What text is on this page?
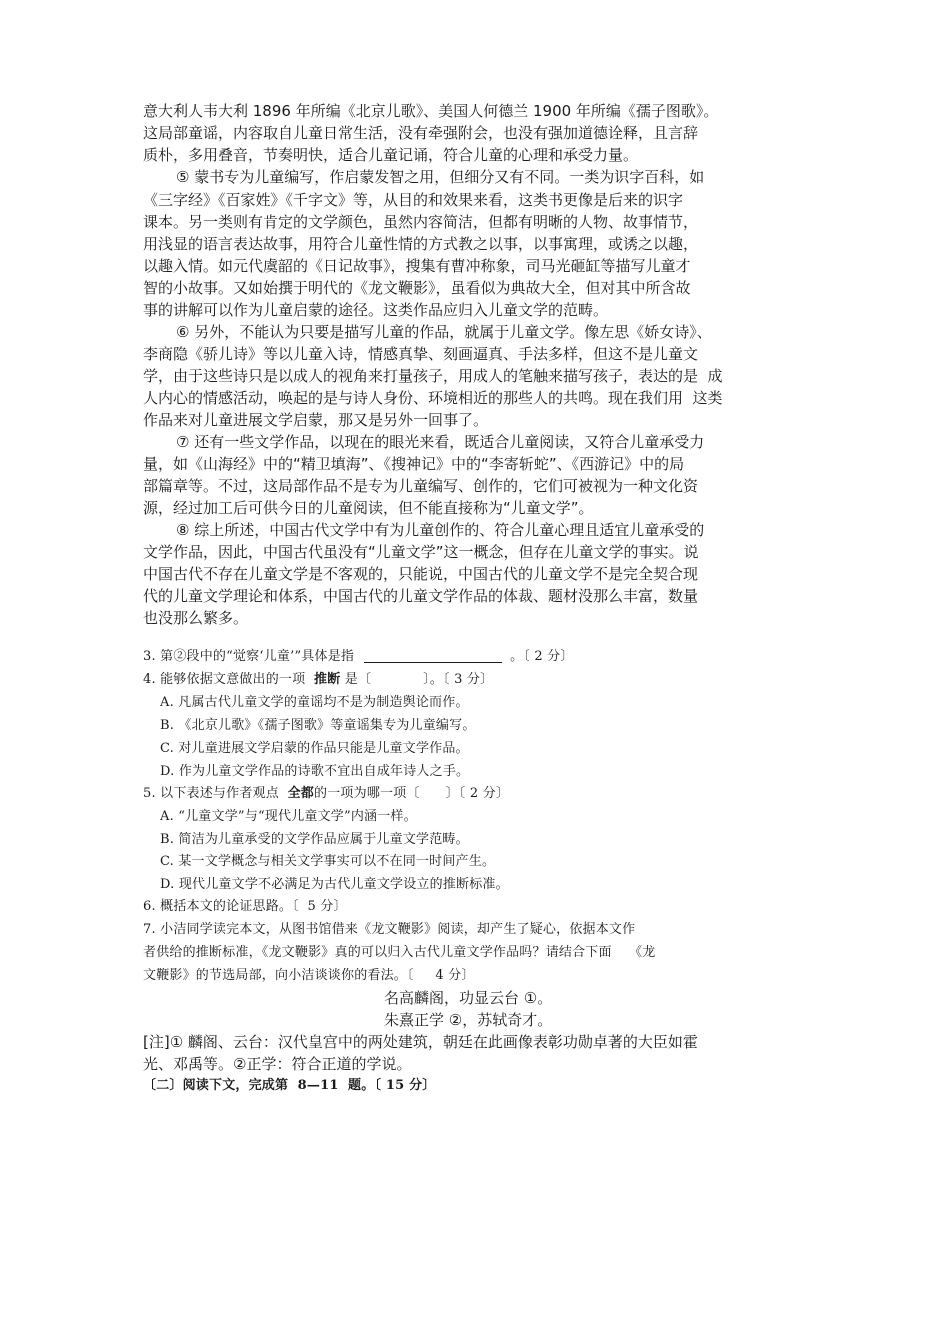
意大利人韦大利 1896 年所编《北京儿歌》、美国人何德兰 1900 年所编《孺子图歌》。
这局部童谣，内容取自儿童日常生活，没有牵强附会，也没有强加道德诠释，且言辞
质朴，多用叠音，节奏明快，适合儿童记诵，符合儿童的心理和承受力量。
⑤ 蒙书专为儿童编写，作启蒙发智之用，但细分又有不同。一类为识字百科，如
《三字经》《百家姓》《千字文》等，从目的和效果来看，这类书更像是后来的识字
课本。另一类则有肯定的文学颜色，虽然内容简洁，但都有明晰的人物、故事情节，
用浅显的语言表达故事，用符合儿童性情的方式教之以事，以事寓理，或诱之以趣，
以趣入情。如元代虞韶的《日记故事》，搜集有曹冲称象，司马光砸缸等描写儿童才
智的小故事。又如始撰于明代的《龙文鞭影》，虽看似为典故大全，但对其中所含故
事的讲解可以作为儿童启蒙的途径。这类作品应归入儿童文学的范畴。
⑥ 另外，不能认为只要是描写儿童的作品，就属于儿童文学。像左思《娇女诗》、
李商隐《骄儿诗》等以儿童入诗，情感真挚、刻画逼真、手法多样，但这不是儿童文
学，由于这些诗只是以成人的视角来打量孩子，用成人的笔触来描写孩子，表达的是  成
人内心的情感活动，唤起的是与诗人身份、环境相近的那些人的共鸣。现在我们用  这类
作品来对儿童进展文学启蒙，那又是另外一回事了。
⑦ 还有一些文学作品，以现在的眼光来看，既适合儿童阅读，又符合儿童承受力
量，如《山海经》中的“精卫填海”、《搜神记》中的“李寄斩蛇”、《西游记》中的局
部篇章等。不过，这局部作品不是专为儿童编写、创作的，它们可被视为一种文化资
源，经过加工后可供今日的儿童阅读，但不能直接称为“儿童文学”。
⑧ 综上所述，中国古代文学中有为儿童创作的、符合儿童心理且适宜儿童承受的
文学作品，因此，中国古代虽没有“儿童文学”这一概念，但存在儿童文学的事实。说
中国古代不存在儿童文学是不客观的，只能说，中国古代的儿童文学不是完全契合现
代的儿童文学理论和体系，中国古代的儿童文学作品的体裁、题材没那么丰富，数量
也没那么繁多。
3. 第②段中的“觉察‘儿童’”具体是指	。〔 2 分〕
4. 能够依据文意做出的一项  推断 是〔            〕。〔 3 分〕
A. 凡属古代儿童文学的童谣均不是为制造舆论而作。
B. 《北京儿歌》《孺子图歌》等童谣集专为儿童编写。
C. 对儿童进展文学启蒙的作品只能是儿童文学作品。
D. 作为儿童文学作品的诗歌不宜出自成年诗人之手。
5. 以下表述与作者观点  全都的一项为哪一项〔      〕〔 2 分〕
A. “儿童文学”与“现代儿童文学”内涵一样。
B. 简洁为儿童承受的文学作品应属于儿童文学范畴。
C. 某一文学概念与相关文学事实可以不在同一时间产生。
D. 现代儿童文学不必满足为古代儿童文学设立的推断标准。
6. 概括本文的论证思路。〔  5 分〕
7. 小洁同学读完本文，从图书馆借来《龙文鞭影》阅读，却产生了疑心，依据本文作
者供给的推断标准，《龙文鞭影》真的可以归入古代儿童文学作品吗？请结合下面    《龙
文鞭影》的节选局部，向小洁谈谈你的看法。〔     4 分〕
名高麟阁，功显云台 ①。
朱熹正学 ②，苏轼奇才。
[注]① 麟阁、云台：汉代皇宫中的两处建筑，朝廷在此画像表彰功勋卓著的大臣如霍
光、邓禹等。②正学：符合正道的学说。
〔二〕阅读下文，完成第  8—11  题。〔 15 分〕
